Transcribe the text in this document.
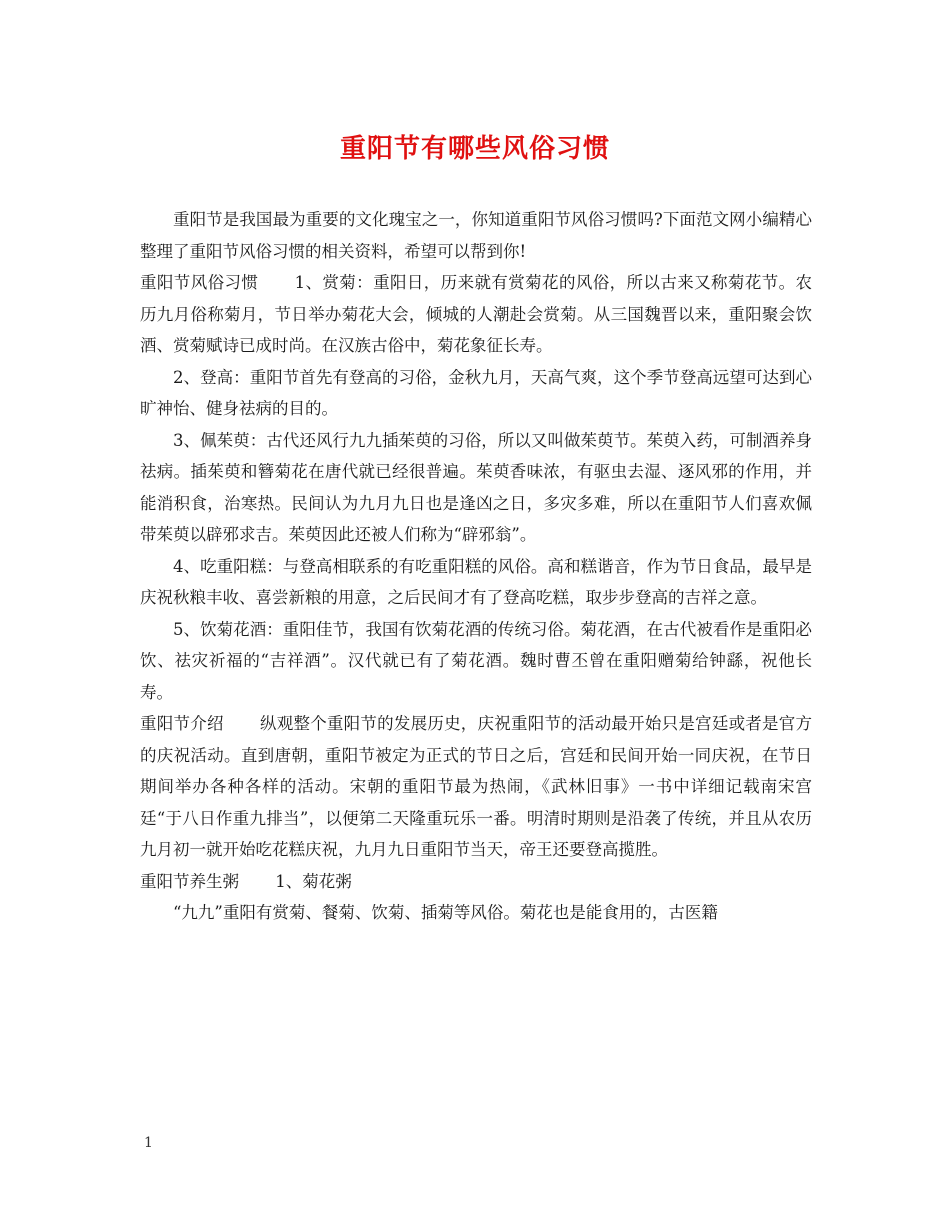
重阳节有哪些风俗习惯

重阳节是我国最为重要的文化瑰宝之一，你知道重阳节风俗习惯吗?下面范文网小编精心整理了重阳节风俗习惯的相关资料，希望可以帮到你!

重阳节风俗习惯 1、赏菊：重阳日，历来就有赏菊花的风俗，所以古来又称菊花节。农历九月俗称菊月，节日举办菊花大会，倾城的人潮赴会赏菊。从三国魏晋以来，重阳聚会饮酒、赏菊赋诗已成时尚。在汉族古俗中，菊花象征长寿。

2、登高：重阳节首先有登高的习俗，金秋九月，天高气爽，这个季节登高远望可达到心旷神怡、健身祛病的目的。

3、佩茱萸：古代还风行九九插茱萸的习俗，所以又叫做茱萸节。茱萸入药，可制酒养身祛病。插茱萸和簪菊花在唐代就已经很普遍。茱萸香味浓，有驱虫去湿、逐风邪的作用，并能消积食，治寒热。民间认为九月九日也是逢凶之日，多灾多难，所以在重阳节人们喜欢佩带茱萸以辟邪求吉。茱萸因此还被人们称为“辟邪翁”。

4、吃重阳糕：与登高相联系的有吃重阳糕的风俗。高和糕谐音，作为节日食品，最早是庆祝秋粮丰收、喜尝新粮的用意，之后民间才有了登高吃糕，取步步登高的吉祥之意。

5、饮菊花酒：重阳佳节，我国有饮菊花酒的传统习俗。菊花酒，在古代被看作是重阳必饮、祛灾祈福的“吉祥酒”。汉代就已有了菊花酒。魏时曹丕曾在重阳赠菊给钟繇，祝他长寿。

重阳节介绍 纵观整个重阳节的发展历史，庆祝重阳节的活动最开始只是宫廷或者是官方的庆祝活动。直到唐朝，重阳节被定为正式的节日之后，宫廷和民间开始一同庆祝，在节日期间举办各种各样的活动。宋朝的重阳节最为热闹，《武林旧事》一书中详细记载南宋宫廷“于八日作重九排当”，以便第二天隆重玩乐一番。明清时期则是沿袭了传统，并且从农历九月初一就开始吃花糕庆祝，九月九日重阳节当天，帝王还要登高揽胜。

重阳节养生粥 1、菊花粥

“九九”重阳有赏菊、餐菊、饮菊、插菊等风俗。菊花也是能食用的，古医籍

1
